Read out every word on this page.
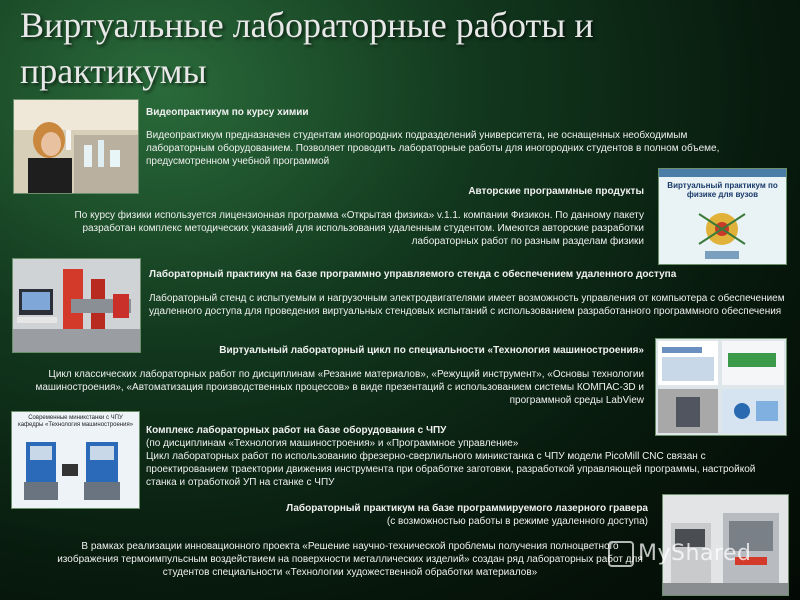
Виртуальные лабораторные работы и
практикумы
Видеопрактикум по курсу химии
Видеопрактикум предназначен студентам иногородних подразделений университета, не оснащенных необходимым лабораторным оборудованием. Позволяет проводить лабораторные работы для иногородних студентов в полном объеме, предусмотренном учебной программой
Виртуальный практикум по физике для вузов
Авторские программные продукты
По курсу физики используется лицензионная программа «Открытая физика» v.1.1. компании Физикон. По данному пакету разработан комплекс методических указаний для использования удаленным студентом. Имеются авторские разработки лабораторных работ по разным разделам физики
Лабораторный практикум на базе программно управляемого стенда с обеспечением удаленного доступа
Лабораторный стенд с испытуемым и нагрузочным электродвигателями имеет возможность управления от компьютера с обеспечением удаленного доступа для проведения виртуальных стендовых испытаний с использованием разработанного программного обеспечения
Виртуальный лабораторный цикл по специальности «Технология машиностроения»
Цикл классических лабораторных работ по дисциплинам «Резание материалов», «Режущий инструмент», «Основы технологии машиностроения», «Автоматизация производственных процессов» в виде презентаций с использованием системы КОМПАС-3D и программной среды LabView
Современные миникстанки с ЧПУ
кафедры «Технология машиностроения»	Комплекс лабораторных работ на базе оборудования с ЧПУ
(по дисциплинам «Технология машиностроения» и «Программное управление»
Цикл лабораторных работ по использованию фрезерно-сверлильного миникстанка с ЧПУ модели PicoMill CNC связан с проектированием траектории движения инструмента при обработке заготовки, разработкой управляющей программы, настройкой станка и отработкой УП на станке с ЧПУ
Лабораторный практикум на базе программируемого лазерного гравера
(с возможностью работы в режиме удаленного доступа)
В рамках реализации инновационного проекта «Решение научно-технической проблемы получения полноцветного изображения термоимпульсным воздействием на поверхности металлических изделий» создан ряд лабораторных работ для студентов специальности «Технологии художественной обработки материалов»
MyShared
